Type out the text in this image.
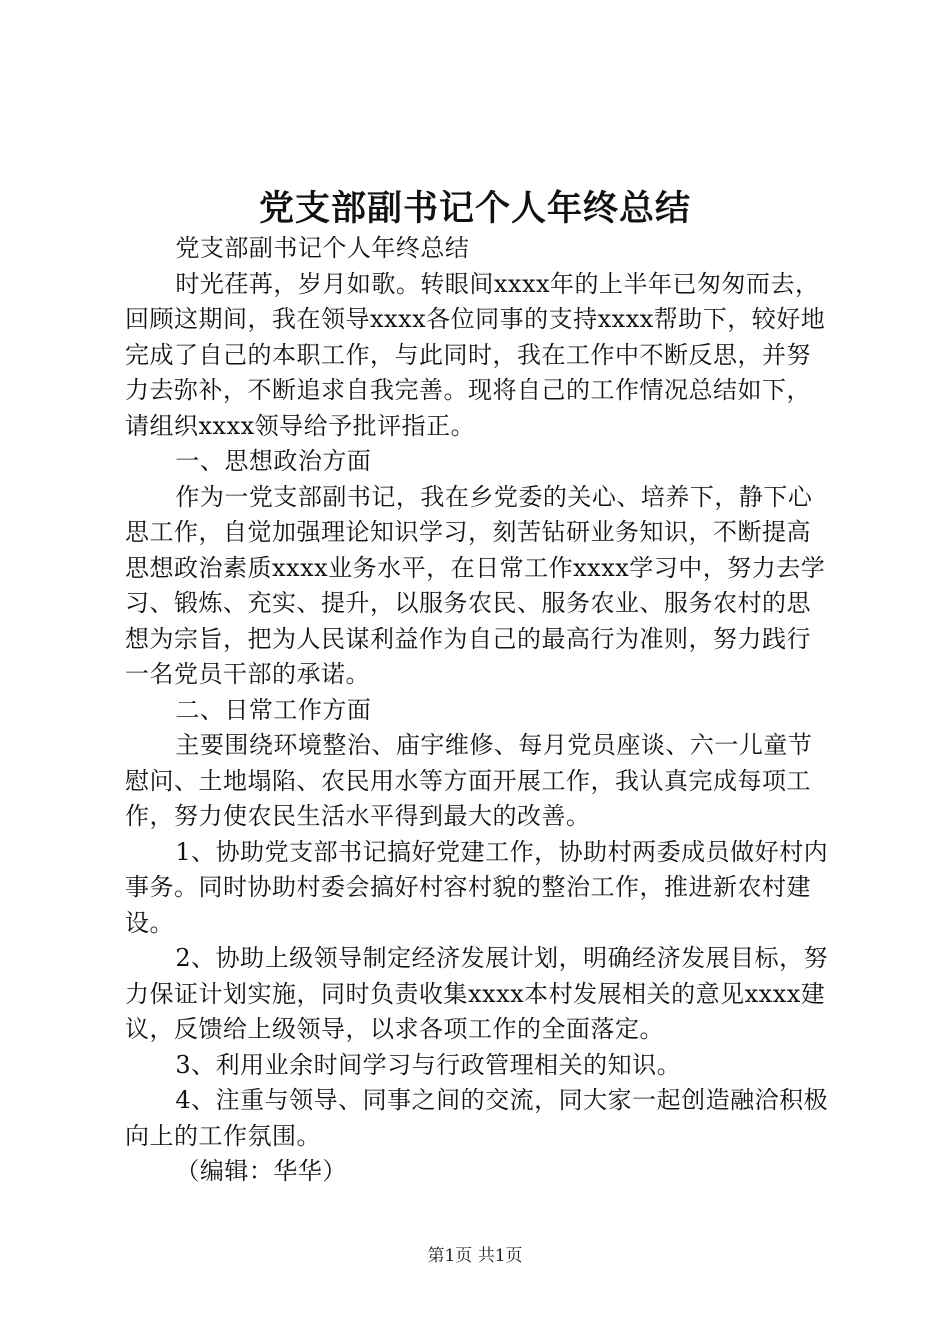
党支部副书记个人年终总结

党支部副书记个人年终总结

时光荏苒，岁月如歌。转眼间xxxx年的上半年已匆匆而去，回顾这期间，我在领导xxxx各位同事的支持xxxx帮助下，较好地完成了自己的本职工作，与此同时，我在工作中不断反思，并努力去弥补，不断追求自我完善。现将自己的工作情况总结如下，请组织xxxx领导给予批评指正。

一、思想政治方面

作为一党支部副书记，我在乡党委的关心、培养下，静下心思工作，自觉加强理论知识学习，刻苦钻研业务知识，不断提高思想政治素质xxxx业务水平，在日常工作xxxx学习中，努力去学习、锻炼、充实、提升，以服务农民、服务农业、服务农村的思想为宗旨，把为人民谋利益作为自己的最高行为准则，努力践行一名党员干部的承诺。

二、日常工作方面

主要围绕环境整治、庙宇维修、每月党员座谈、六一儿童节慰问、土地塌陷、农民用水等方面开展工作，我认真完成每项工作，努力使农民生活水平得到最大的改善。

1、协助党支部书记搞好党建工作，协助村两委成员做好村内事务。同时协助村委会搞好村容村貌的整治工作，推进新农村建设。

2、协助上级领导制定经济发展计划，明确经济发展目标，努力保证计划实施，同时负责收集xxxx本村发展相关的意见xxxx建议，反馈给上级领导，以求各项工作的全面落定。

3、利用业余时间学习与行政管理相关的知识。

4、注重与领导、同事之间的交流，同大家一起创造融洽积极向上的工作氛围。

（编辑：华华）

第1页 共1页
